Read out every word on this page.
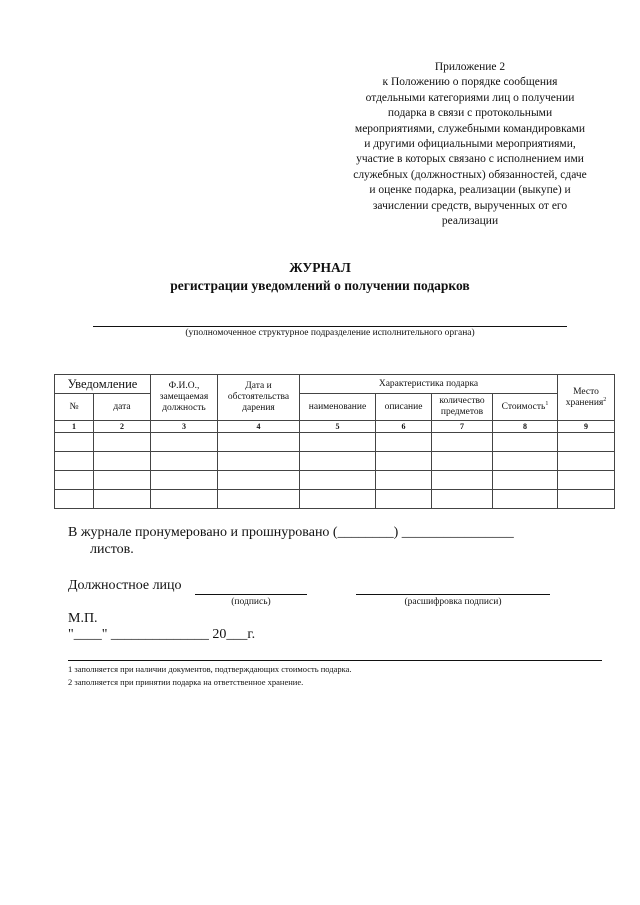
Приложение 2
к Положению о порядке сообщения
отдельными категориями лиц о получении
подарка в связи с протокольными
мероприятиями, служебными командировками
и другими официальными мероприятиями,
участие в которых связано с исполнением ими
служебных (должностных) обязанностей, сдаче
и оценке подарка, реализации (выкупе) и
зачислении средств, вырученных от его
реализации
ЖУРНАЛ
регистрации уведомлений о получении подарков
(уполномоченное структурное подразделение исполнительного органа)
Уведомление		Ф.И.О., замещаемая должность	Дата и обстоятельства дарения	Характеристика подарка				Место хранения$^2$
№	дата			наименование	описание	количество предметов	Стоимость$^1$
1	2	3	4	5	6	7	8	9

В журнале пронумеровано и прошнуровано (________) ________________
листов.
Должностное лицо
(подпись)	(расшифровка подписи)
М.П.
"____" ______________ 20___г.
1 заполняется при наличии документов, подтверждающих стоимость подарка.
2 заполняется при принятии подарка на ответственное хранение.
